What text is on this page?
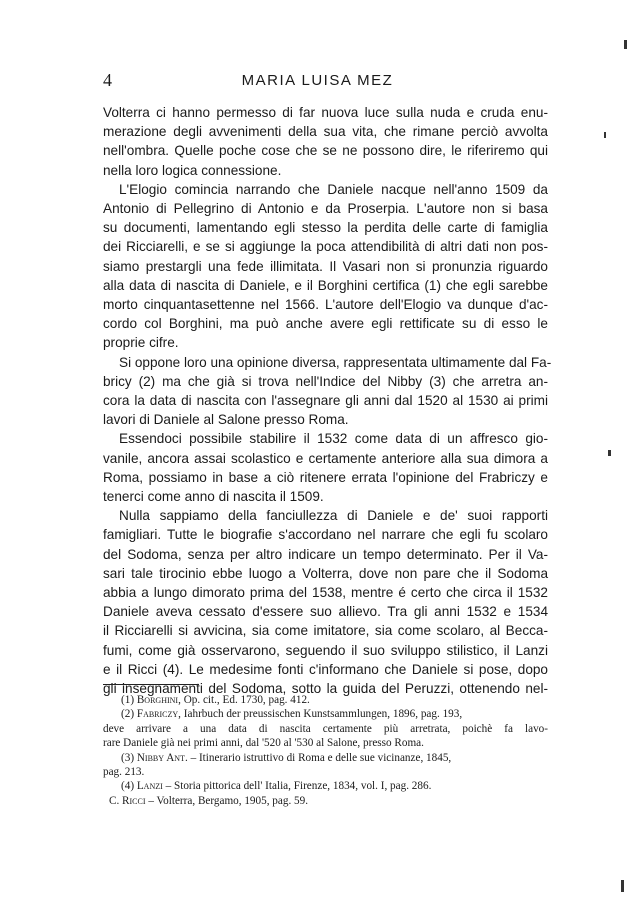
4	MARIA LUISA MEZ
Volterra ci hanno permesso di far nuova luce sulla nuda e cruda enu-
merazione degli avvenimenti della sua vita, che rimane perciò avvolta
nell'ombra. Quelle poche cose che se ne possono dire, le riferiremo qui
nella loro logica connessione.
L'Elogio comincia narrando che Daniele nacque nell'anno 1509 da
Antonio di Pellegrino di Antonio e da Proserpia. L'autore non si basa
su documenti, lamentando egli stesso la perdita delle carte di famiglia
dei Ricciarelli, e se si aggiunge la poca attendibilità di altri dati non pos-
siamo prestargli una fede illimitata. Il Vasari non si pronunzia riguardo
alla data di nascita di Daniele, e il Borghini certifica (1) che egli sarebbe
morto cinquantasettenne nel 1566. L'autore dell'Elogio va dunque d'ac-
cordo col Borghini, ma può anche avere egli rettificate su di esso le
proprie cifre.
Si oppone loro una opinione diversa, rappresentata ultimamente dal Fa-
bricy (2) ma che già si trova nell'Indice del Nibby (3) che arretra an-
cora la data di nascita con l'assegnare gli anni dal 1520 al 1530 ai primi
lavori di Daniele al Salone presso Roma.
Essendoci possibile stabilire il 1532 come data di un affresco gio-
vanile, ancora assai scolastico e certamente anteriore alla sua dimora a
Roma, possiamo in base a ciò ritenere errata l'opinione del Frabriczy e
tenerci come anno di nascita il 1509.
Nulla sappiamo della fanciullezza di Daniele e de' suoi rapporti
famigliari. Tutte le biografie s'accordano nel narrare che egli fu scolaro
del Sodoma, senza per altro indicare un tempo determinato. Per il Va-
sari tale tirocinio ebbe luogo a Volterra, dove non pare che il Sodoma
abbia a lungo dimorato prima del 1538, mentre é certo che circa il 1532
Daniele aveva cessato d'essere suo allievo. Tra gli anni 1532 e 1534
il Ricciarelli si avvicina, sia come imitatore, sia come scolaro, al Becca-
fumi, come già osservarono, seguendo il suo sviluppo stilistico, il Lanzi
e il Ricci (4). Le medesime fonti c'informano che Daniele si pose, dopo
gli insegnamenti del Sodoma, sotto la guida del Peruzzi, ottenendo nel-
(1) Borghini, Op. cit., Ed. 1730, pag. 412.
(2) Fabriczy, Iahrbuch der preussischen Kunstsammlungen, 1896, pag. 193,
deve arrivare a una data di nascita certamente più arretrata, poichè fa lavo-
rare Daniele già nei primi anni, dal '520 al '530 al Salone, presso Roma.
(3) Nibby Ant. – Itinerario istruttivo di Roma e delle sue vicinanze, 1845,
pag. 213.
(4) Lanzi – Storia pittorica dell' Italia, Firenze, 1834, vol. I, pag. 286.
C. Ricci – Volterra, Bergamo, 1905, pag. 59.
